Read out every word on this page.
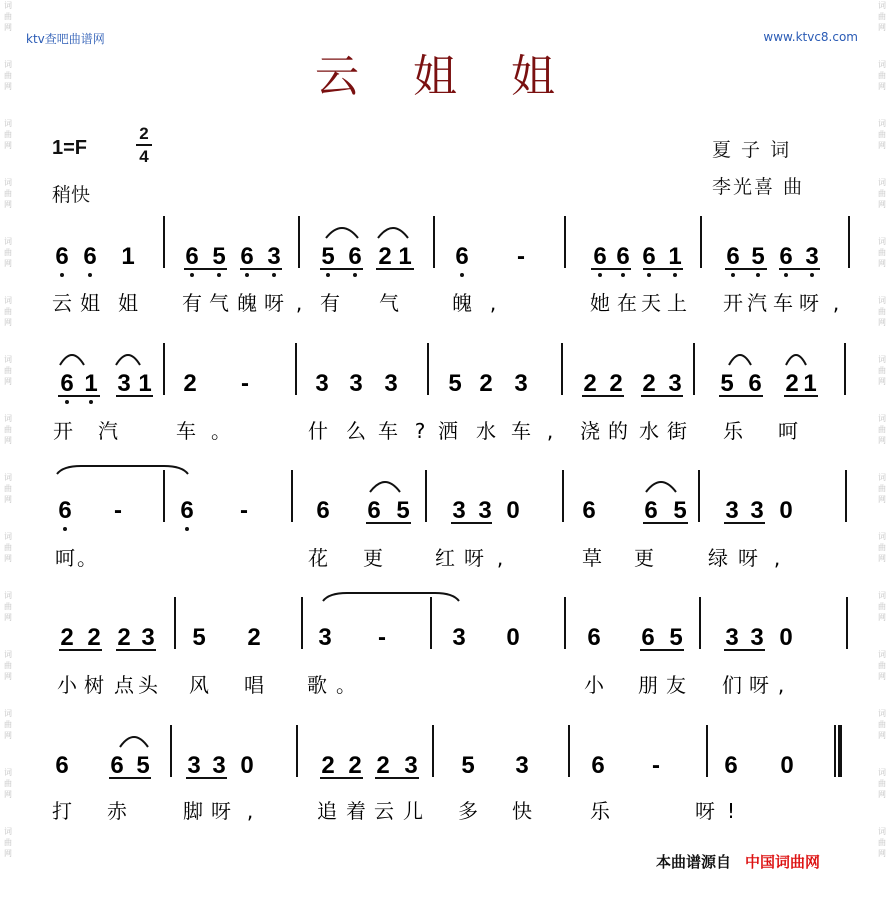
词
曲
网
词
曲
网
词
曲
网
词
曲
网
词
曲
网
词
曲
网
词
曲
网
词
曲
网
词
曲
网
词
曲
网
词
曲
网
词
曲
网
词
曲
网
词
曲
网
词
曲
网
词
曲
网
词
曲
网
词
曲
网
词
曲
网
词
曲
网
词
曲
网
词
曲
网
词
曲
网
词
曲
网
词
曲
网
词
曲
网
词
曲
网
词
曲
网
词
曲
网
词
曲
网
ktv查吧曲谱网	www.ktvc8.com
云 姐 姐
1=F
2
4
稍快
夏 子 词
李光喜 曲
6 6 1 6 5 6 3 5 6 2 1 6 -	6 6 6 1 6 5 6 3
云 姐 姐 有 气 魄 呀 , 有 气	魄 ,	她 在 天 上 开 汽 车 呀 ,
6 1 3 1 2 -	3 3 3 5 2 3 2 2 2 3 5 6 2 1
开 汽	车 。	什 么 车 ? 洒 水 车 , 浇 的 水 街 乐 呵
6 - 6 -	6 6 5 3 3 0	6 6 5 3 3 0
呵 。	花 更	红 呀 ,	草 更	绿 呀 ,
2 2 2 3 5 2 3 -	3 0	6 6 5 3 3 0
小 树 点 头 风 唱 歌 。	小 朋 友 们 呀 ,
6 6 5 3 3 0	2 2 2 3 5 3	6 -	6 0
打 赤	脚 呀 ,	追 着 云 儿 多 快	乐	呀 !
本曲谱源自 中国词曲网
